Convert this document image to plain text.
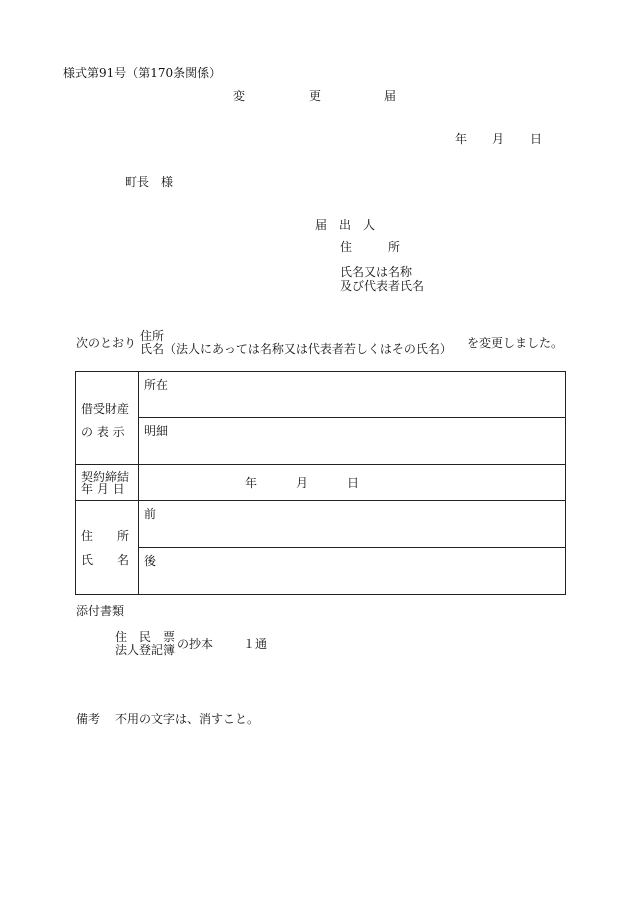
様式第91号（第170条関係）
変	更	届
年 月 日
町長　様
届　出　人
住　　　所
氏名又は名称
及び代表者氏名
次のとおり 住所
氏名（法人にあっては名称又は代表者若しくはその氏名） を変更しました。
借受財産
の 表 示	所在

	明細

契約締結
年 月 日	年 月 日

住　　所
氏　　名	前

	後
添付書類
住　民　票
法人登記簿 の抄本 １通
備考 不用の文字は、消すこと。
